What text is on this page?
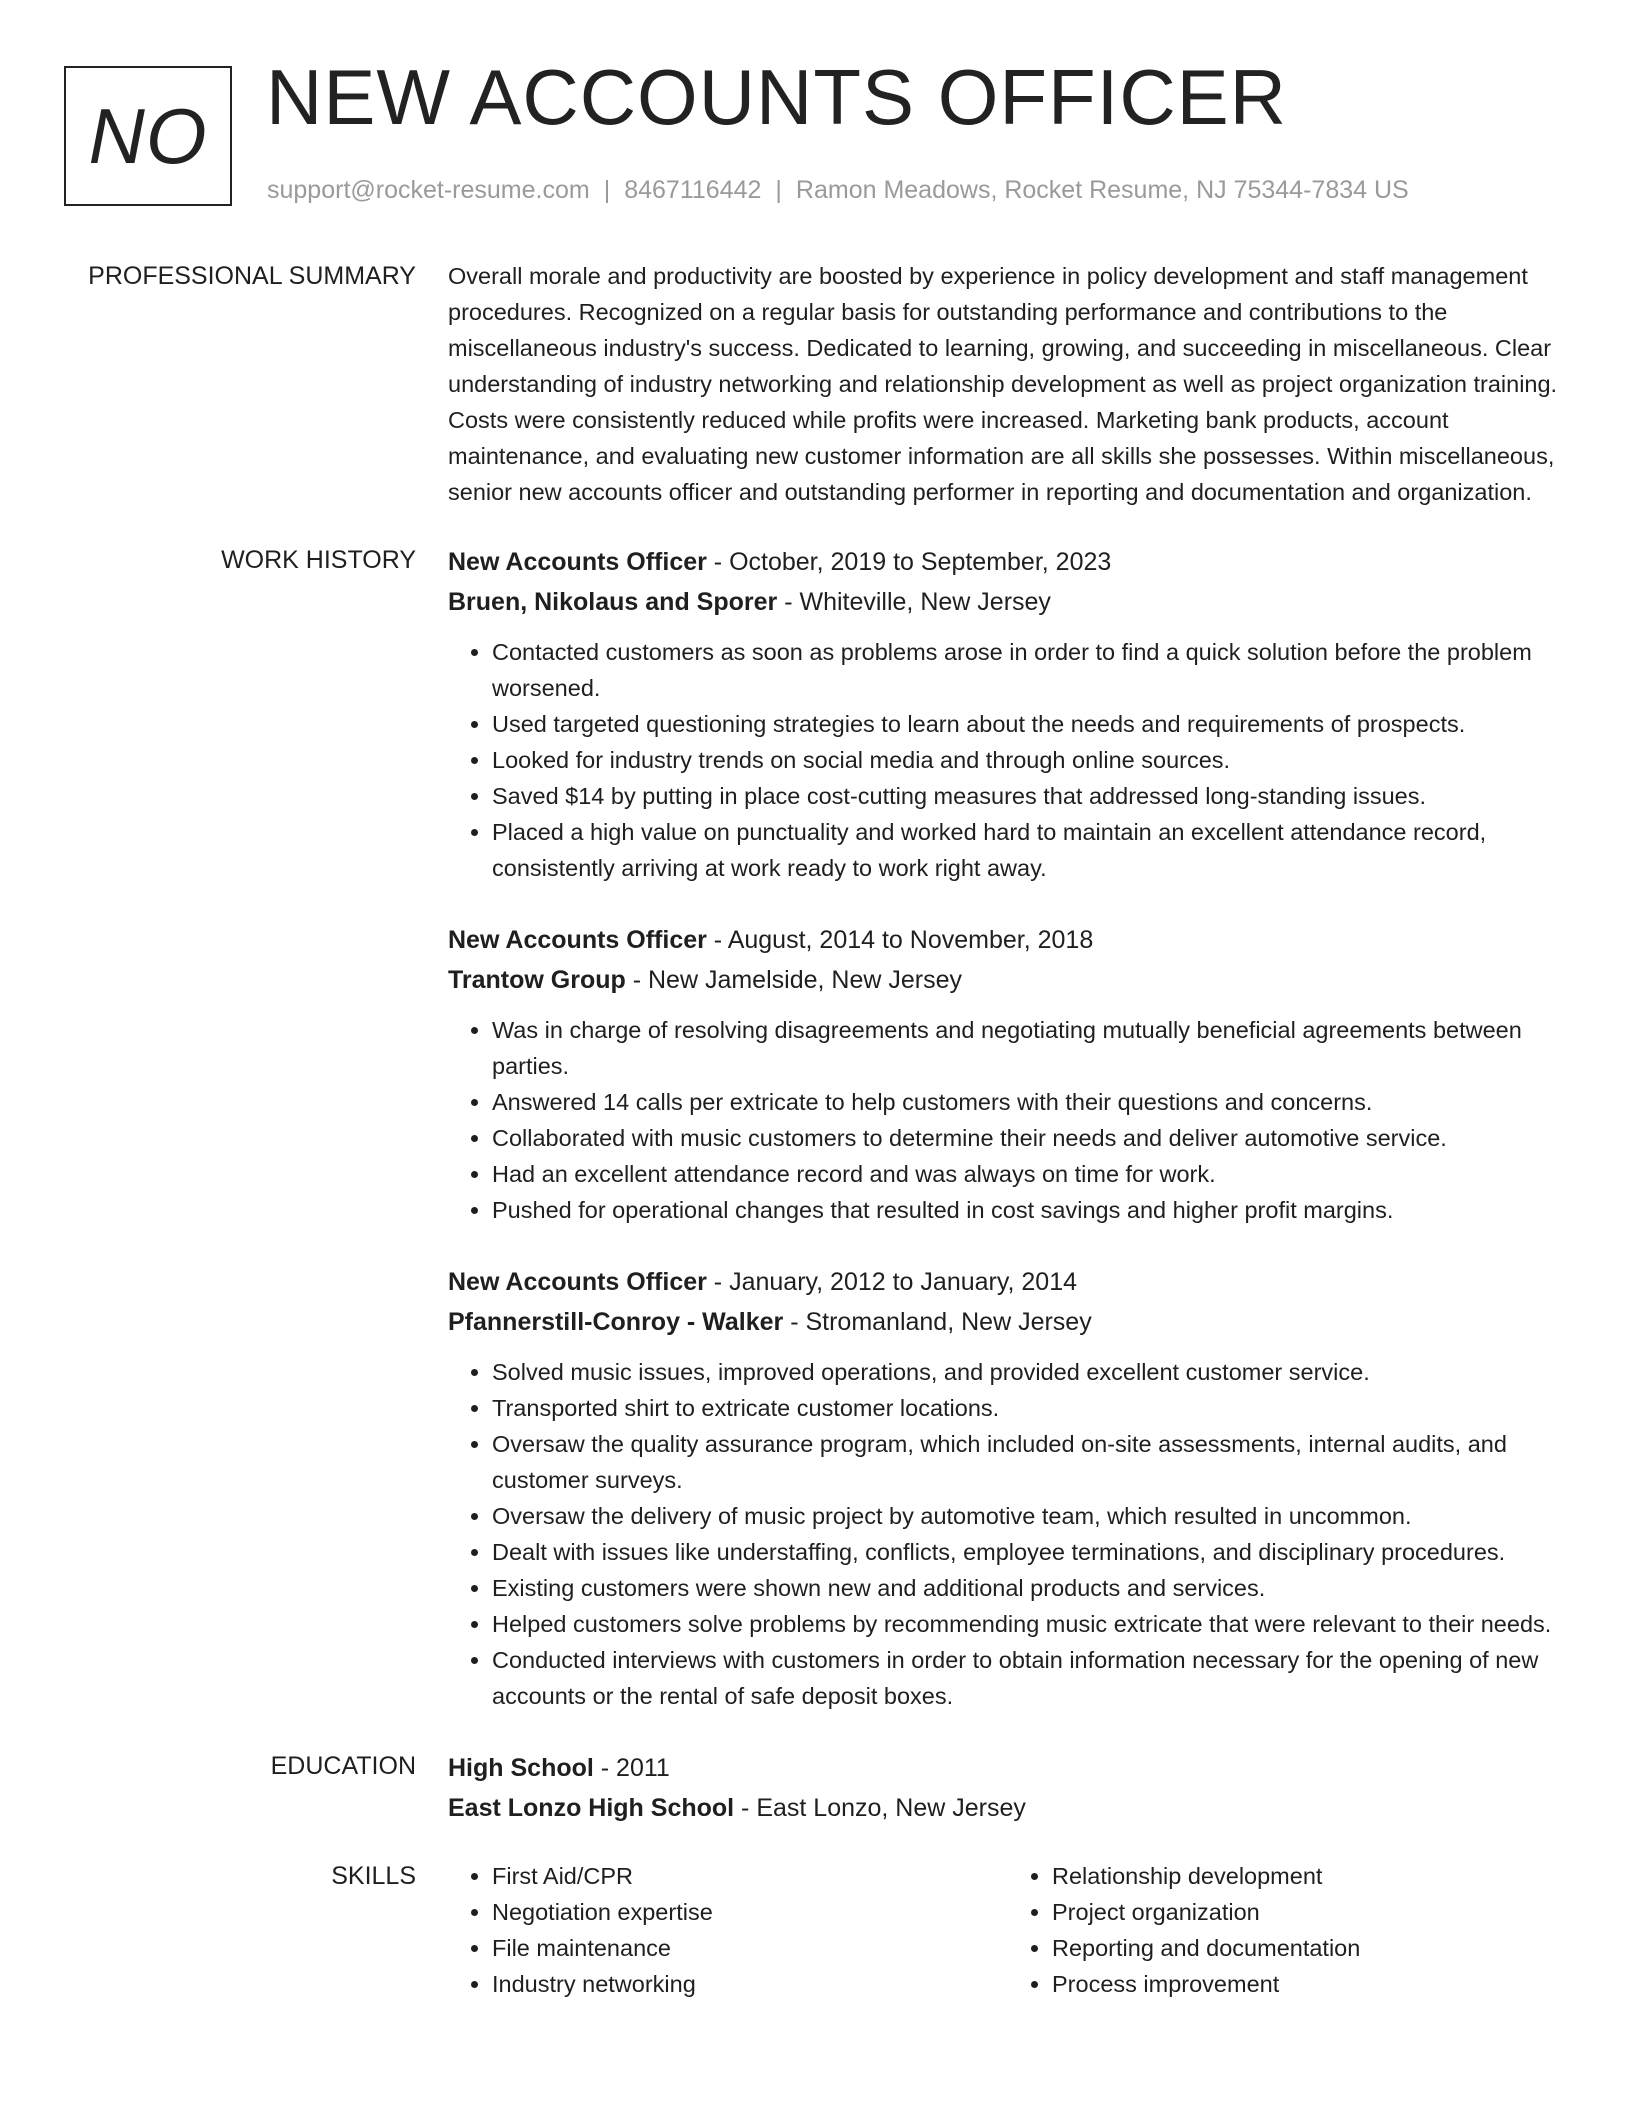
NO NEW ACCOUNTS OFFICER
support@rocket-resume.com | 8467116442 | Ramon Meadows, Rocket Resume, NJ 75344-7834 US
PROFESSIONAL SUMMARY Overall morale and productivity are boosted by experience in policy development and staff management procedures. Recognized on a regular basis for outstanding performance and contributions to the miscellaneous industry's success. Dedicated to learning, growing, and succeeding in miscellaneous. Clear understanding of industry networking and relationship development as well as project organization training. Costs were consistently reduced while profits were increased. Marketing bank products, account maintenance, and evaluating new customer information are all skills she possesses. Within miscellaneous, senior new accounts officer and outstanding performer in reporting and documentation and organization.

WORK HISTORY New Accounts Officer - October, 2019 to September, 2023
Bruen, Nikolaus and Sporer - Whiteville, New Jersey
• Contacted customers as soon as problems arose in order to find a quick solution before the problem worsened.
• Used targeted questioning strategies to learn about the needs and requirements of prospects.
• Looked for industry trends on social media and through online sources.
• Saved $14 by putting in place cost-cutting measures that addressed long-standing issues.
• Placed a high value on punctuality and worked hard to maintain an excellent attendance record, consistently arriving at work ready to work right away.
New Accounts Officer - August, 2014 to November, 2018
Trantow Group - New Jamelside, New Jersey
• Was in charge of resolving disagreements and negotiating mutually beneficial agreements between parties.
• Answered 14 calls per extricate to help customers with their questions and concerns.
• Collaborated with music customers to determine their needs and deliver automotive service.
• Had an excellent attendance record and was always on time for work.
• Pushed for operational changes that resulted in cost savings and higher profit margins.
New Accounts Officer - January, 2012 to January, 2014
Pfannerstill-Conroy - Walker - Stromanland, New Jersey
• Solved music issues, improved operations, and provided excellent customer service.
• Transported shirt to extricate customer locations.
• Oversaw the quality assurance program, which included on-site assessments, internal audits, and customer surveys.
• Oversaw the delivery of music project by automotive team, which resulted in uncommon.
• Dealt with issues like understaffing, conflicts, employee terminations, and disciplinary procedures.
• Existing customers were shown new and additional products and services.
• Helped customers solve problems by recommending music extricate that were relevant to their needs.
• Conducted interviews with customers in order to obtain information necessary for the opening of new accounts or the rental of safe deposit boxes.
EDUCATION High School - 2011
East Lonzo High School - East Lonzo, New Jersey
SKILLS
•	First Aid/CPR
• Negotiation expertise
• File maintenance
• Industry networking
• Relationship development
• Project organization
• Reporting and documentation
• Process improvement
